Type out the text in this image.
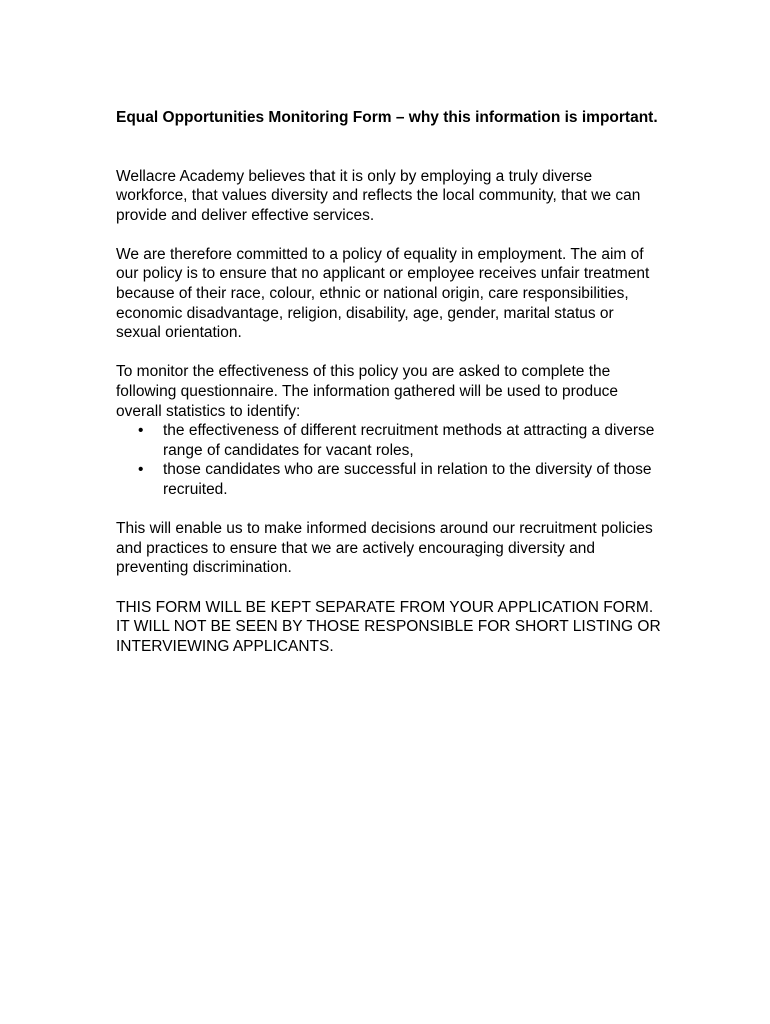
Equal Opportunities Monitoring Form – why this information is important.

Wellacre Academy believes that it is only by employing a truly diverse workforce, that values diversity and reflects the local community, that we can provide and deliver effective services.

We are therefore committed to a policy of equality in employment. The aim of our policy is to ensure that no applicant or employee receives unfair treatment because of their race, colour, ethnic or national origin, care responsibilities, economic disadvantage, religion, disability, age, gender, marital status or sexual orientation.

To monitor the effectiveness of this policy you are asked to complete the following questionnaire. The information gathered will be used to produce overall statistics to identify:

• the effectiveness of different recruitment methods at attracting a diverse range of candidates for vacant roles,
• those candidates who are successful in relation to the diversity of those recruited.

This will enable us to make informed decisions around our recruitment policies and practices to ensure that we are actively encouraging diversity and preventing discrimination.

THIS FORM WILL BE KEPT SEPARATE FROM YOUR APPLICATION FORM. IT WILL NOT BE SEEN BY THOSE RESPONSIBLE FOR SHORT LISTING OR INTERVIEWING APPLICANTS.
